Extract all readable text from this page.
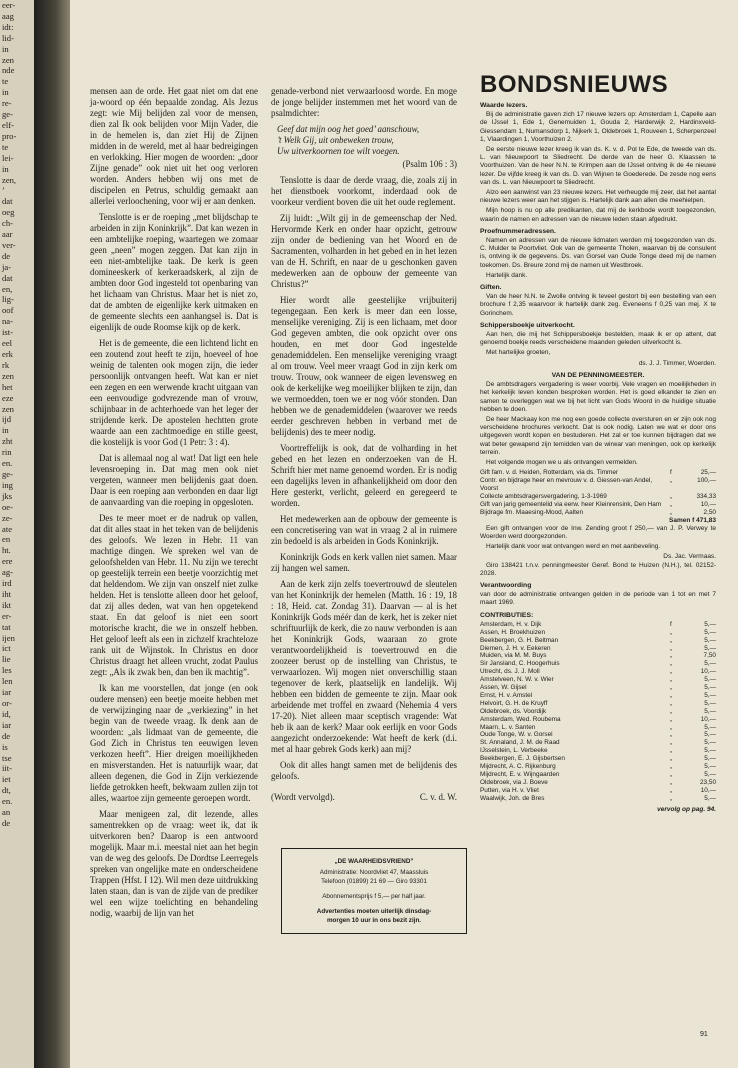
eer-
aag
idt:
lid-
in
zen
nde
te
in
re-
ge-
elf-
pro-
te
lei-
in
zen,
’
dat
oeg
ch-
aar
ver-
de
ja-
dat
en,
lig-
oof
na-
ist-
eel
erk
rk
zen
het
eze
zen
ijd
in
zht
rin
en.
ge-
ing
jks
oe-
ze-
ate
en
ht.
ere
ag-
ird
iht
ikt
er-
tat
ijen
ict
lie
les
len
iar
or-
id,
iar
de
is
tse
iit-
iet
dt,
en.
an
de

mensen aan de orde. Het gaat niet om dat ene ja-woord op één bepaalde zondag. Als Jezus zegt: wie Mij belijden zal voor de mensen, dien zal Ik ook belijden voor Mijn Vader, die in de hemelen is, dan ziet Hij de Zijnen midden in de wereld, met al haar bedreigingen en verlokking. Hier mogen de woorden: „door Zijne genade” ook niet uit het oog verloren worden. Anders hebben wij ons met de discipelen en Petrus, schuldig gemaakt aan allerlei verloochening, voor wij er aan denken.

Tenslotte is er de roeping „met blijdschap te arbeiden in zijn Koninkrijk”. Dat kan wezen in een ambtelijke roeping, waartegen we zomaar geen „neen” mogen zeggen. Dat kan zijn in een niet-ambtelijke taak. De kerk is geen domineeskerk of kerkeraadskerk, al zijn de ambten door God ingesteld tot openbaring van het lichaam van Christus. Maar het is niet zo, dat de ambten de eigenlijke kerk uitmaken en de gemeente slechts een aanhangsel is. Dat is eigenlijk de oude Roomse kijk op de kerk.

Het is de gemeente, die een lichtend licht en een zoutend zout heeft te zijn, hoeveel of hoe weinig de talenten ook mogen zijn, die ieder persoonlijk ontvangen heeft. Wat kan er niet een zegen en een werwende kracht uitgaan van een eenvoudige godvrezende man of vrouw, schijnbaar in de achterhoede van het leger der strijdende kerk. De apostelen hechtten grote waarde aan een zachtmoedige en stille geest, die kostelijk is voor God (1 Petr: 3 : 4).

Dat is allemaal nog al wat! Dat ligt een hele levensroeping in. Dat mag men ook niet vergeten, wanneer men belijdenis gaat doen. Daar is een roeping aan verbonden en daar ligt de aanvaarding van die roeping in opgesloten.

Des te meer moet er de nadruk op vallen, dat dit alles staat in het teken van de belijdenis des geloofs. We lezen in Hebr. 11 van machtige dingen. We spreken wel van de geloofshelden van Hebr. 11. Nu zijn we terecht op geestelijk terrein een beetje voorzichtig met dat heldendom. We zijn van onszelf niet zulke helden. Het is tenslotte alleen door het geloof, dat zij alles deden, wat van hen opgetekend staat. En dat geloof is niet een soort motorische kracht, die we in onszelf hebben. Het geloof leeft als een in zichzelf krachteloze rank uit de Wijnstok. In Christus en door Christus draagt het alleen vrucht, zodat Paulus zegt: „Als ik zwak ben, dan ben ik machtig”.

Ik kan me voorstellen, dat jonge (en ook oudere mensen) een beetje moeite hebben met de verwijzinging naar de „verkiezing” in het begin van de tweede vraag. Ik denk aan de woorden: „als lidmaat van de gemeente, die God Zich in Christus ten eeuwigen leven verkozen heeft”. Hier dreigen moeilijkheden en misverstanden. Het is natuurlijk waar, dat alleen degenen, die God in Zijn verkiezende liefde getrokken heeft, bekwaam zullen zijn tot alles, waartoe zijn gemeente geroepen wordt.

Maar menigeen zal, dit lezende, alles samentrekken op de vraag: weet ik, dat ik uitverkoren ben? Daarop is een antwoord mogelijk. Maar m.i. meestal niet aan het begin van de weg des geloofs. De Dordtse Leerregels spreken van ongelijke mate en onderscheidene Trappen (Hfst. I 12). Wil men deze uitdrukking laten staan, dan is van de zijde van de prediker wel een wijze toelichting en behandeling nodig, waarbij de lijn van het

genade-verbond niet verwaarloosd worde. En moge de jonge belijder instemmen met het woord van de psalmdichter:

Geef dat mijn oog het goed’ aanschouw,
’t Welk Gij, uit onbeweken trouw,
Uw uitverkoornen toe wilt voegen.
(Psalm 106 : 3)

Tenslotte is daar de derde vraag, die, zoals zij in het dienstboek voorkomt, inderdaad ook de voorkeur verdient boven die uit het oude reglement.

Zij luidt: „Wilt gij in de gemeenschap der Ned. Hervormde Kerk en onder haar opzicht, getrouw zijn onder de bediening van het Woord en de Sacramenten, volharden in het gebed en in het lezen van de H. Schrift, en naar de u geschonken gaven medewerken aan de opbouw der gemeente van Christus?”

Hier wordt alle geestelijke vrijbuiterij tegengegaan. Een kerk is meer dan een losse, menselijke vereniging. Zij is een lichaam, met door God gegeven ambten, die ook opzicht over ons houden, en met door God ingestelde genademiddelen. Een menselijke vereniging vraagt al om trouw. Veel meer vraagt God in zijn kerk om trouw. Trouw, ook wanneer de eigen levensweg en ook de kerkelijke weg moeilijker blijken te zijn, dan we vermoedden, toen we er nog vóór stonden. Dan hebben we de genademiddelen (waarover we reeds eerder geschreven hebben in verband met de belijdenis) des te meer nodig.

Voortreffelijk is ook, dat de volharding in het gebed en het lezen en onderzoeken van de H. Schrift hier met name genoemd worden. Er is nodig een dagelijks leven in afhankelijkheid om door den Here gesterkt, verlicht, geleerd en geregeerd te worden.

Het medewerken aan de opbouw der gemeente is een concretisering van wat in vraag 2 al in ruimere zin bedoeld is als arbeiden in Gods Koninkrijk.

Koninkrijk Gods en kerk vallen niet samen. Maar zij hangen wel samen.

Aan de kerk zijn zelfs toevertrouwd de sleutelen van het Koninkrijk der hemelen (Matth. 16 : 19, 18 : 18, Heid. cat. Zondag 31). Daarvan — al is het Koninkrijk Gods méér dan de kerk, het is zeker niet schriftuurlijk de kerk, die zo nauw verbonden is aan het Koninkrijk Gods, waaraan zo grote verantwoordelijkheid is toevertrouwd en die zoozeer berust op de instelling van Christus, te verwaarlozen. Wij mogen niet onverschillig staan tegenover de kerk, plaatselijk en landelijk. Wij hebben een bidden de gemeente te zijn. Maar ook arbeidende met troffel en zwaard (Nehemia 4 vers 17-20). Niet alleen maar sceptisch vragende: Wat heb ik aan de kerk? Maar ook eerlijk en voor Gods aangezicht onderzoekende: Wat heeft de kerk (d.i. met al haar gebrek Gods kerk) aan mij?

Ook dit alles hangt samen met de belijdenis des geloofs.

(Wordt vervolgd).	C. v. d. W.
„DE WAARHEIDSVRIEND”
Administratie: Noordvliet 47, Maassluis
Telefoon (01899) 21 69 — Giro 93301
Abonnementsprijs f 5,— per half jaar.
Advertenties moeten uiterlijk dinsdag-
morgen 10 uur in ons bezit zijn.
BONDSNIEUWS
Waarde lezers.

Bij de administratie gaven zich 17 nieuwe lezers op: Amsterdam 1, Capelle aan de IJssel 1, Ede 1, Genemuiden 1, Gouda 2, Harderwijk 2, Hardinxveld-Giessendam 1, Numansdorp 1, Nijkerk 1, Oldebroek 1, Rouveen 1, Scherpenzeel 1, Vlaardingen 1, Voorthuizen 2.

De eerste nieuwe lezer kreeg ik van ds. K. v. d. Pol te Ede, de tweede van ds. L. van Nieuwpoort te Sliedrecht. De derde van de heer G. Klaassen te Voorthuizen. Van de heer N.N. te Krimpen aan de IJssel ontving ik de 4e nieuwe lezer. De vijfde kreeg ik van ds. D. van Wijnen te Goederede. De zesde nog eens van ds. L. van Nieuwpoort te Sliedrecht.

Alzo een aanwinst van 23 nieuwe lezers. Het verheugde mij zeer, dat het aantal nieuwe lezers weer aan het stijgen is. Hartelijk dank aan allen die meehielpen.

Mijn hoop is nu op alle predikanten, dat mij de kerkbode wordt toegezonden, waarin de namen en adressen van de nieuwe leden staan afgedrukt.

Proefnummeradressen.

Namen en adressen van de nieuwe lidmaten werden mij toegezonden van ds. C. Mulder te Poortvliet. Ook van de gemeente Tholen, waarvan bij de consulent is, ontving ik de gegevens. Ds. van Gorsel van Oude Tonge deed mij de namen toekomen. Ds. Breure zond mij de namen uit Westbroek.

Hartelijk dank.

Giften.

Van de heer N.N. te Zwolle ontving ik teveel gestort bij een bestelling van een brochure f 2,35 waarvoor ik hartelijk dank zeg. Eveneens f 0,25 van mej. X te Gorinchem.

Schippersboekje uitverkocht.

Aan hen, die mij het Schippersboekje bestelden, maak ik er op attent, dat genoemd boekje reeds verscheidene maanden geleden uitverkocht is.

Met hartelijke groeten,

ds. J. J. Timmer, Woerden.
VAN DE PENNINGMEESTER.

De ambtsdragers vergadering is weer voorbij. Vele vragen en moeilijkheden in het kerkelijk leven konden besproken worden. Het is goed elkander te zien en samen te overleggen wat we bij het licht van Gods Woord in de huidige situatie hebben te doen.

De heer Mackaay kon me nog een goede collecte oversturen en er zijn ook nog verscheidene brochures verkocht. Dat is ook nodig. Laten we wat er door ons uitgegeven wordt kopen en bestuderen. Het zal er toe kunnen bijdragen dat we wat beter gewapend zijn temidden van de wirwar van meningen, ook op kerkelijk terrein.

Het volgende mogen we u als ontvangen vermelden.

Gift fam. v. d. Heiden, Rotterdam, via ds. Timmer	f	25,—
Contr. en bijdrage heer en mevrouw v. d. Giessen-van Andel, Voorst	„	100,—
Collecte ambtsdragersvergadering, 1-3-1969	„	334,33
Gift van jarig gemeentelid via eerw. heer Kleinrensink, Den Ham	„	10,—
Bijdrage fm. Maaesing-Mood, Aalten	„	2,50
Samen f 471,83

Een gift ontvangen voor de Inw. Zending groot f 250,— van J. P. Verwey te Woerden werd doorgezonden.

Hartelijk dank voor wat ontvangen werd en met aanbeveling.

Ds. Jac. Vermaas.

Giro 138421 t.n.v. penningmeester Geref. Bond te Huizen (N.H.), tel. 02152-2028.

Verantwoording

van door de administratie ontvangen gelden in de periode van 1 tot en met 7 maart 1969.

CONTRIBUTIES:
Amsterdam, H. v. Dijk	f	5,—
Assen, H. Broekhuizen	„	5,—
Beekbergen, G. H. Beltman	„	5,—
Diemen, J. H. v. Eekeren	„	5,—
Muiden, via M. M. Buys	„	7,50
Sir Jansland, C. Hoogerhuis	„	5,—
Utrecht, ds. J. J. Moll	„	10,—
Amstelveen, N. W. v. Wier	„	5,—
Assen, W. Gijsel	„	5,—
Ernst, H. v. Amstel	„	5,—
Helvoirt, G. H. de Kruyff	„	5,—
Oldebroek, ds. Voordijk	„	5,—
Amsterdam, Wed. Roubema	„	10,—
Maarn, L. v. Santen	„	5,—
Oude Tonge, W. v. Gorsel	„	5,—
St. Annaland, J. M. de Raad	„	5,—
IJsselstein, L. Verbeeke	„	5,—
Beekbergen, E. J. Gijsbertsen	„	5,—
Mijdrecht, A. C. Rijkenburg	„	5,—
Mijdrecht, E. v. Wijngaarden	„	5,—
Oldebroek, via J. Boeve	„	23,50
Putten, via H. v. Vliet	„	10,—
Waalwijk, Joh. de Bres	„	5,—
vervolg op pag. 94.
91
